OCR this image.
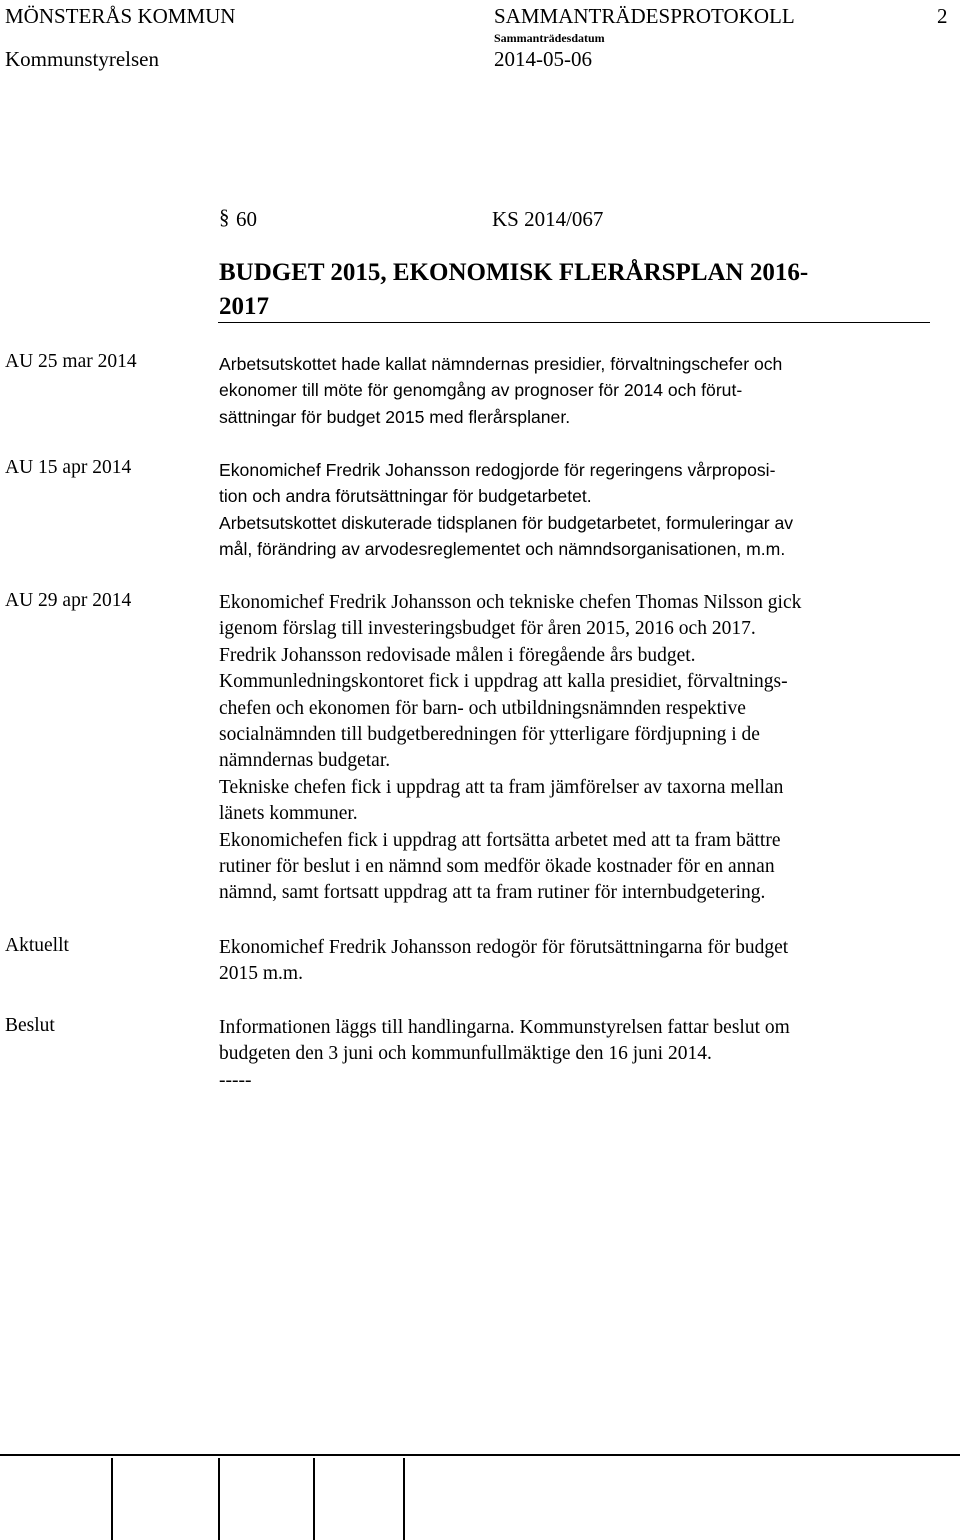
MÖNSTERÅS KOMMUN	SAMMANTRÄDESPROTOKOLL	2
Sammanträdesdatum
Kommunstyrelsen	2014-05-06
§ 60	KS 2014/067
BUDGET 2015, EKONOMISK FLERÅRSPLAN 2016-
2017
AU 25 mar 2014	Arbetsutskottet hade kallat nämndernas presidier, förvaltningschefer och
ekonomer till möte för genomgång av prognoser för 2014 och förut-
sättningar för budget 2015 med flerårsplaner.
AU 15 apr 2014	Ekonomichef Fredrik Johansson redogjorde för regeringens vårproposi-
tion och andra förutsättningar för budgetarbetet.
Arbetsutskottet diskuterade tidsplanen för budgetarbetet, formuleringar av
mål, förändring av arvodesreglementet och nämndsorganisationen, m.m.
AU 29 apr 2014	Ekonomichef Fredrik Johansson och tekniske chefen Thomas Nilsson gick
igenom förslag till investeringsbudget för åren 2015, 2016 och 2017.
Fredrik Johansson redovisade målen i föregående års budget.
Kommunledningskontoret fick i uppdrag att kalla presidiet, förvaltnings-
chefen och ekonomen för barn- och utbildningsnämnden respektive
socialnämnden till budgetberedningen för ytterligare fördjupning i de
nämndernas budgetar.
Tekniske chefen fick i uppdrag att ta fram jämförelser av taxorna mellan
länets kommuner.
Ekonomichefen fick i uppdrag att fortsätta arbetet med att ta fram bättre
rutiner för beslut i en nämnd som medför ökade kostnader för en annan
nämnd, samt fortsatt uppdrag att ta fram rutiner för internbudgetering.
Aktuellt	Ekonomichef Fredrik Johansson redogör för förutsättningarna för budget
2015 m.m.
Beslut	Informationen läggs till handlingarna. Kommunstyrelsen fattar beslut om
budgeten den 3 juni och kommunfullmäktige den 16 juni 2014.
-----
